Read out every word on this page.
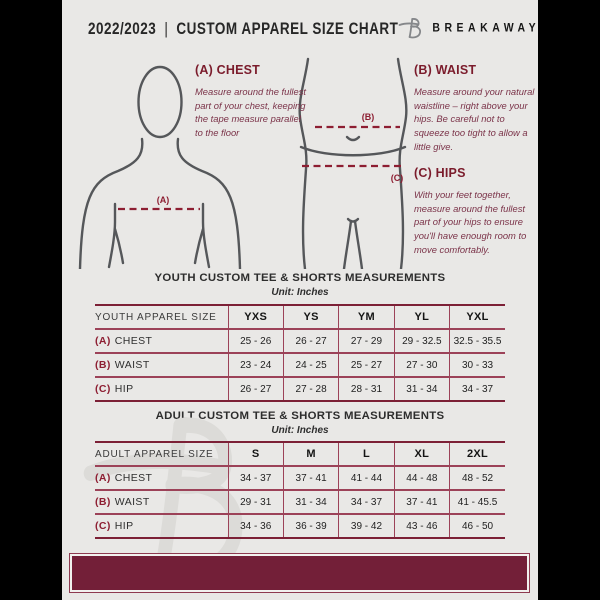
2022/2023 | CUSTOM APPAREL SIZE CHART	BREAKAWAY
(A)
(B)
(C)

(A) CHEST

Measure around the fullest part of your chest, keeping the tape measure parallel to the floor

(B) WAIST

Measure around your natural waistline – right above your hips. Be careful not to squeeze too tight to allow a little give.

(C) HIPS

With your feet together, measure around the fullest part of your hips to ensure you'll have enough room to move comfortably.

YOUTH CUSTOM TEE & SHORTS MEASUREMENTS
Unit: Inches
YOUTH APPAREL SIZE	YXS	YS	YM	YL	YXL
(A) CHEST	25 - 26	26 - 27	27 - 29	29 - 32.5	32.5 - 35.5
(B) WAIST	23 - 24	24 - 25	25 - 27	27 - 30	30 - 33
(C) HIP	26 - 27	27 - 28	28 - 31	31 - 34	34 - 37
ADULT CUSTOM TEE & SHORTS MEASUREMENTS
Unit: Inches
ADULT APPAREL SIZE	S	M	L	XL	2XL
(A) CHEST	34 - 37	37 - 41	41 - 44	44 - 48	48 - 52
(B) WAIST	29 - 31	31 - 34	34 - 37	37 - 41	41 - 45.5
(C) HIP	34 - 36	36 - 39	39 - 42	43 - 46	46 - 50
